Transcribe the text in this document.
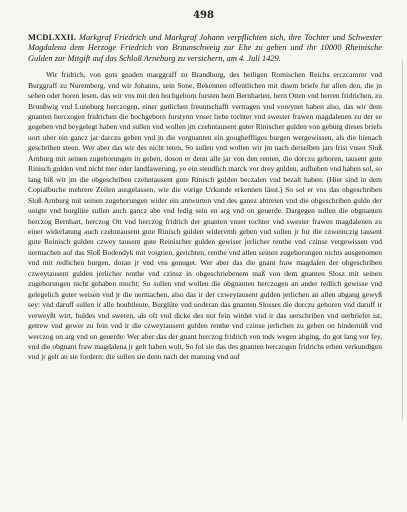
498

MCDLXXII. Markgraf Friedrich und Markgraf Johann verpflichten sich, ihre Tochter und Schwester Magdalena dem Herzoge Friedrich von Braunschweig zur Ehe zu geben und ihr 10000 Rheinische Gulden zur Mitgift auf das Schloß Arneburg zu versichern, am 4. Juli 1429.

Wir fridrich, von gots gnaden marggraff zu Brandburg, des heiligen Romischen Reichs erczcamrer vnd Burggraff zu Nuremberg, vnd wir Johanns, sein Sone, Bekennen offentlichen mit disem briefe fur allen den, die jn sehen oder horen lesen, das wir vns mit den hochgeborn fursten hern Bernharten, hern Otten vnd herren fridrichen, zu Brunßwig vnd Luneburg herczogen, einer gutlichen freuntschafft vertragen vnd voreynet haben also, das wir dem gnanten herczogen fridrichen die hochgeborn furstynn vnser liebe tochter vnd swester frawen magdalenen zu der ee gegeben vnd beygelegt haben vnd sullen vnd wollen jm czehntausent guter Rinischer gulden von geburg dieses briefs uort uber ein gancz jar darczu geben vnd jn die vorgnanten ein gougheffliges burgen wergewissen, als die hienach geschriben steen. Wer aber das wir des nicht teten, So sullen vnd wollen wir jm nach derselben jars frist vnser Sloß Arnburg mit seinen zugehorungen in geben, doson er denn alle jar von den renten, die dorczu gehoren, tausent gute Rinisch gulden vnd nicht mer oder landfawerung, ye ein stendlich marck vor drey gulden, aufheben vnd haben sol, so lang biß wir jm die obgeschriben czehntausent gute Rinisch gulden beczalen vnd bezalt haben. (Hier sind in dem Copialbuche mehrere Zeilen ausgelassen, wie die vorige Urkunde erkennen lässt.) So sol er vns das obgeschriben Sloß Arnburg mit seinen zugehorungen wider ein antwurten vnd des ganez abtreten vnd die obgeschriben gulde der uoigte vnd burglüte sullen auch gancz abe vnd ledig sein en arg vnd on geuerde. Dargegen sullen die obgnanten herczog Bernhart, herczog Ott vnd herczog fridrich der gnanten vnser tochter vnd swester frawen magdalenen zu einer widerlatung auch czehntausent gute Rinisch gulden widervmb geben vnd sullen jr fur die czweinczig tausent gute Reinisch gulden czwey tausent gute Reinischer gulden gewiser jerlicher renthe vnd czinse vergewissen vnd uermachen auf das Sloß Bodendyk mit voigtien, gerichten, renthe vnd allen seinen zugehorungen nichts ausgenomen vnd mit redlichen burgen, doran jr vnd vns genuget. Wer aber das die gnant fraw magdalen der obgeschriben czweytausent gulden jerlicher renthe vnd czinsz in obgeschriebenem maß von dem gnanten Slosz mit seinen zugehorungen nicht gehaben mocht; So sullen vnd wollen die obgnanten herczogen an ander redlich gewisse vnd gelegelich guter weisen vnd jr die uermachen, also das ir der czweytausent gulden jerlichen an allen abgang gewyß sey: vnd daruff sullen ir alle houbtleute, Burglüte vnd uoderan das gnanten Slosses die dorczu gehoren vnd daruff ir verweyßt wirt, huldes vnd sweren, als oft vnd dicke des not fein wirdet vnd ir das uerschriben vnd uerbriefet ist, getrew vnd gewer zu fein vnd ir die czweytausent gulden renthe vnd czinse jerlichen zu geben on hindernüß vnd werczog on arg vnd on geuerde: Wer aber das der gnant herczog fridrich von tods wegen abging, do got lang vor fey, vnd die obgnant fraw magdalena jr gelt haben wolt, So fol sie das des gnanten herczogen fridrichs erben verkundigen vnd jr gelt an sie fordern: die sullen sie denn nach der manung vnd auf
